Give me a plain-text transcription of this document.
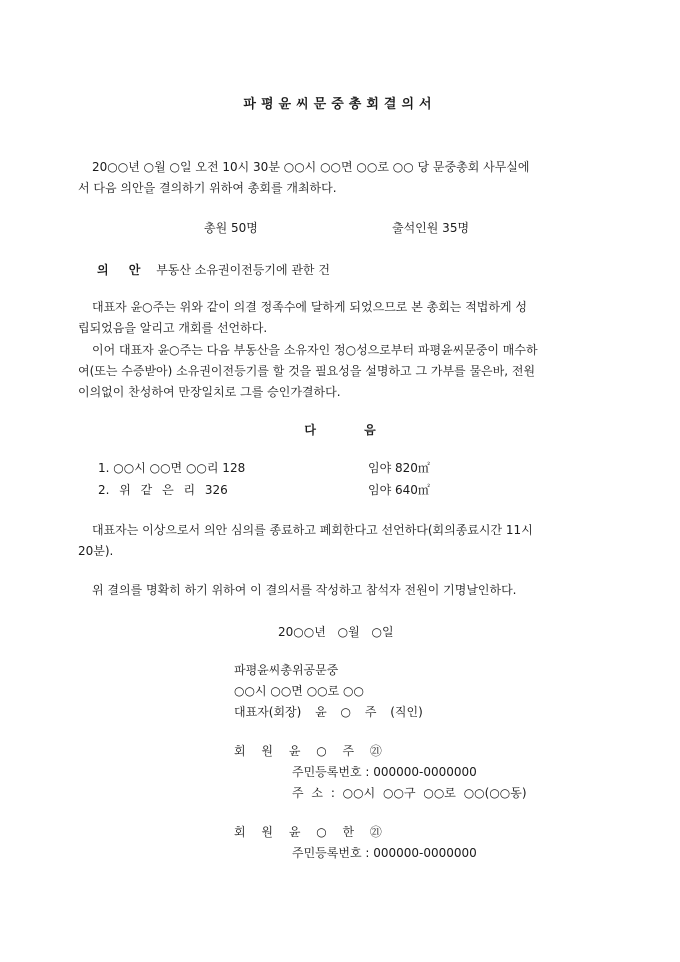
파평윤씨문중총회결의서
20○○년 ○월 ○일 오전 10시 30분 ○○시 ○○면 ○○로 ○○ 당 문중총회 사무실에
서 다음 의안을 결의하기 위하여 총회를 개최하다.
총원 50명	출석인원 35명
의 안 부동산 소유권이전등기에 관한 건
대표자 윤○주는 위와 같이 의결 정족수에 달하게 되었으므로 본 총회는 적법하게 성
립되었음을 알리고 개회를 선언하다.
이어 대표자 윤○주는 다음 부동산을 소유자인 정○성으로부터 파평윤씨문중이 매수하
여(또는 수증받아) 소유권이전등기를 할 것을 필요성을 설명하고 그 가부를 물은바, 전원
이의없이 찬성하여 만장일치로 그를 승인가결하다.
다 음
1. ○○시 ○○면 ○○리 128	임야 820㎡
2. 위 같 은 리 326	임야 640㎡
대표자는 이상으로서 의안 심의를 종료하고 폐회한다고 선언하다(회의종료시간 11시
20분).
위 결의를 명확히 하기 위하여 이 결의서를 작성하고 참석자 전원이 기명날인하다.
20○○년 ○월 ○일
파평윤씨총위공문중
○○시 ○○면 ○○로 ○○
대표자(회장) 윤 ○ 주 (직인)
회 원 윤 ○ 주 ㉑
주민등록번호 : 000000-0000000
주 소 : ○○시 ○○구 ○○로 ○○(○○동)
회 원 윤 ○ 한 ㉑
주민등록번호 : 000000-0000000
